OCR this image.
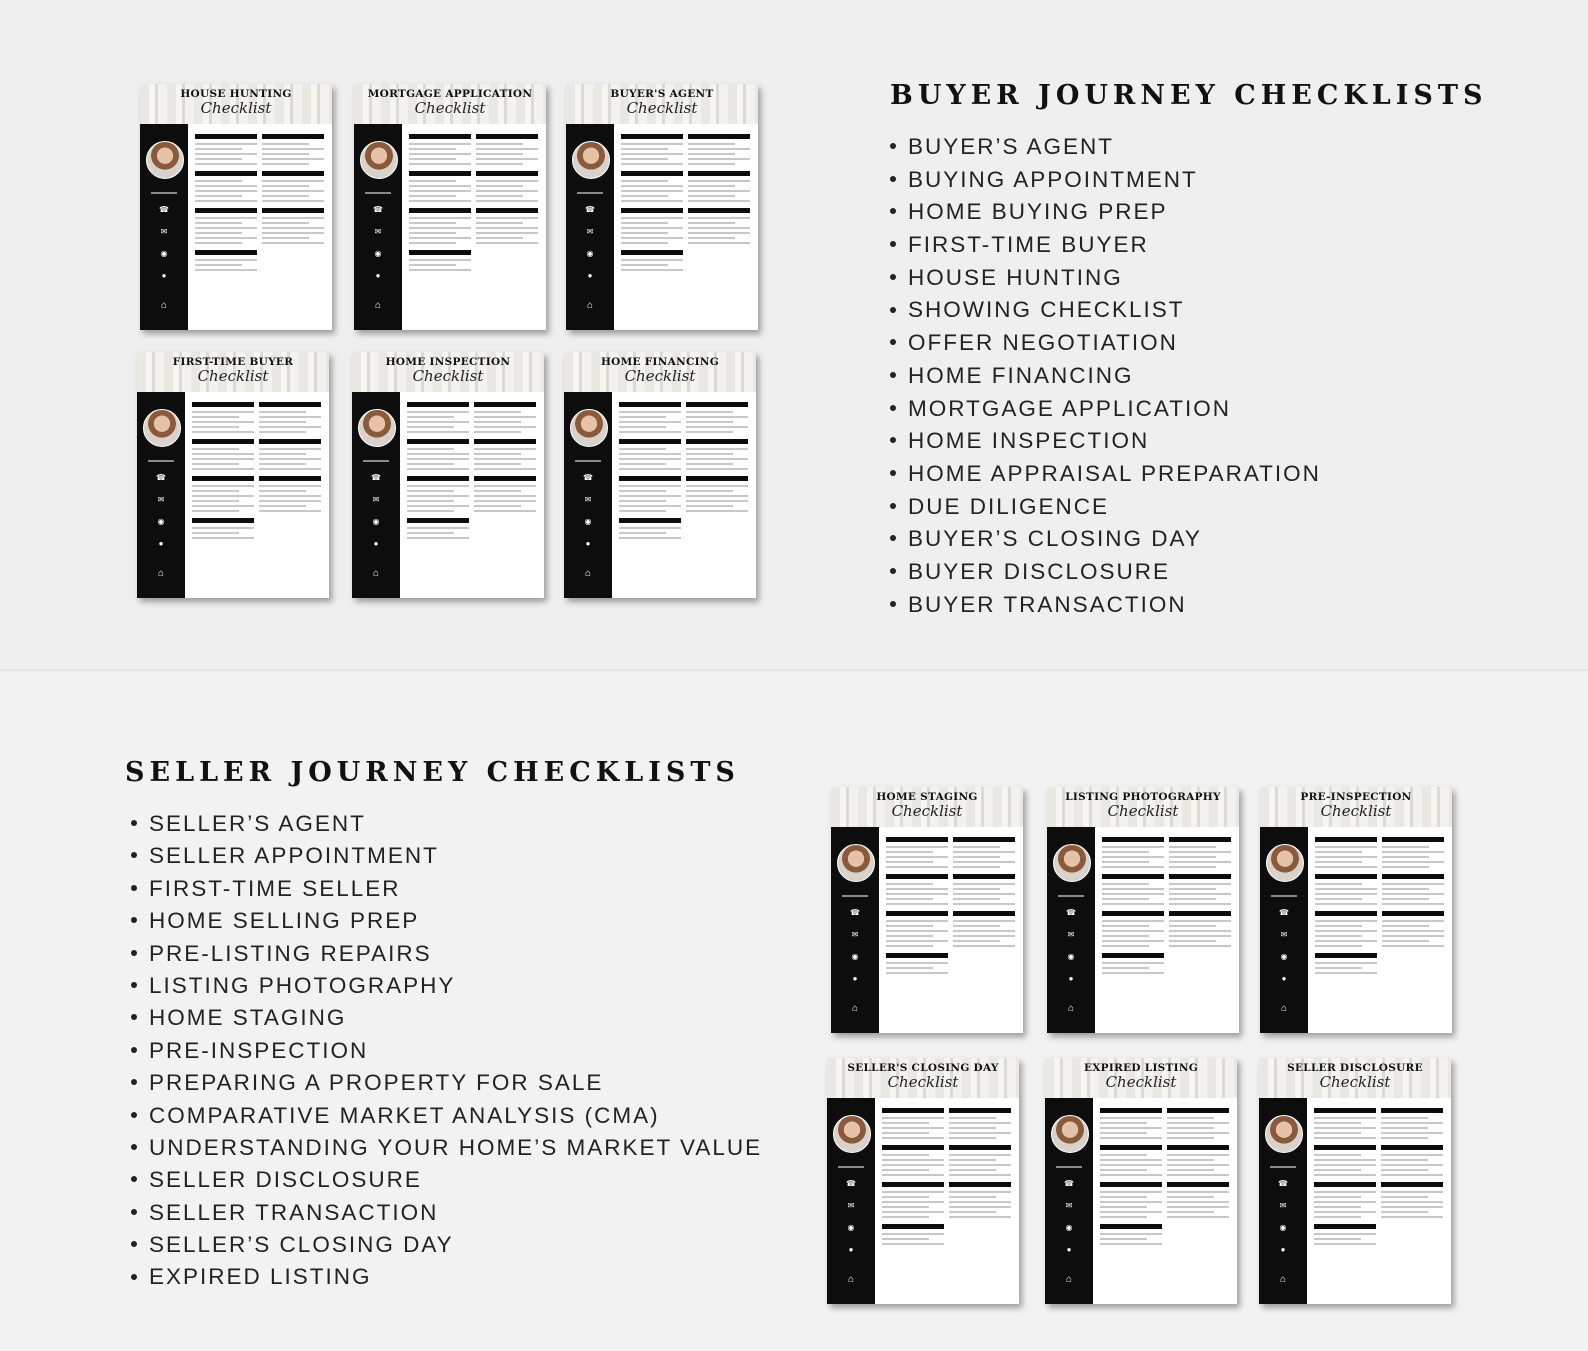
HOUSE HUNTING
Checklist
☎
✉
◉
●
⌂
MORTGAGE APPLICATION
Checklist
☎
✉
◉
●
⌂
BUYER'S AGENT
Checklist
☎
✉
◉
●
⌂
FIRST-TIME BUYER
Checklist
☎
✉
◉
●
⌂
HOME INSPECTION
Checklist
☎
✉
◉
●
⌂
HOME FINANCING
Checklist
☎
✉
◉
●
⌂
BUYER JOURNEY CHECKLISTS
BUYER’S AGENT
BUYING APPOINTMENT
HOME BUYING PREP
FIRST-TIME BUYER
HOUSE HUNTING
SHOWING CHECKLIST
OFFER NEGOTIATION
HOME FINANCING
MORTGAGE APPLICATION
HOME INSPECTION
HOME APPRAISAL PREPARATION
DUE DILIGENCE
BUYER’S CLOSING DAY
BUYER DISCLOSURE
BUYER TRANSACTION
SELLER JOURNEY CHECKLISTS
SELLER’S AGENT
SELLER APPOINTMENT
FIRST-TIME SELLER
HOME SELLING PREP
PRE-LISTING REPAIRS
LISTING PHOTOGRAPHY
HOME STAGING
PRE-INSPECTION
PREPARING A PROPERTY FOR SALE
COMPARATIVE MARKET ANALYSIS (CMA)
UNDERSTANDING YOUR HOME’S MARKET VALUE
SELLER DISCLOSURE
SELLER TRANSACTION
SELLER’S CLOSING DAY
EXPIRED LISTING
HOME STAGING
Checklist
☎
✉
◉
●
⌂
LISTING PHOTOGRAPHY
Checklist
☎
✉
◉
●
⌂
PRE-INSPECTION
Checklist
☎
✉
◉
●
⌂
SELLER'S CLOSING DAY
Checklist
☎
✉
◉
●
⌂
EXPIRED LISTING
Checklist
☎
✉
◉
●
⌂
SELLER DISCLOSURE
Checklist
☎
✉
◉
●
⌂
